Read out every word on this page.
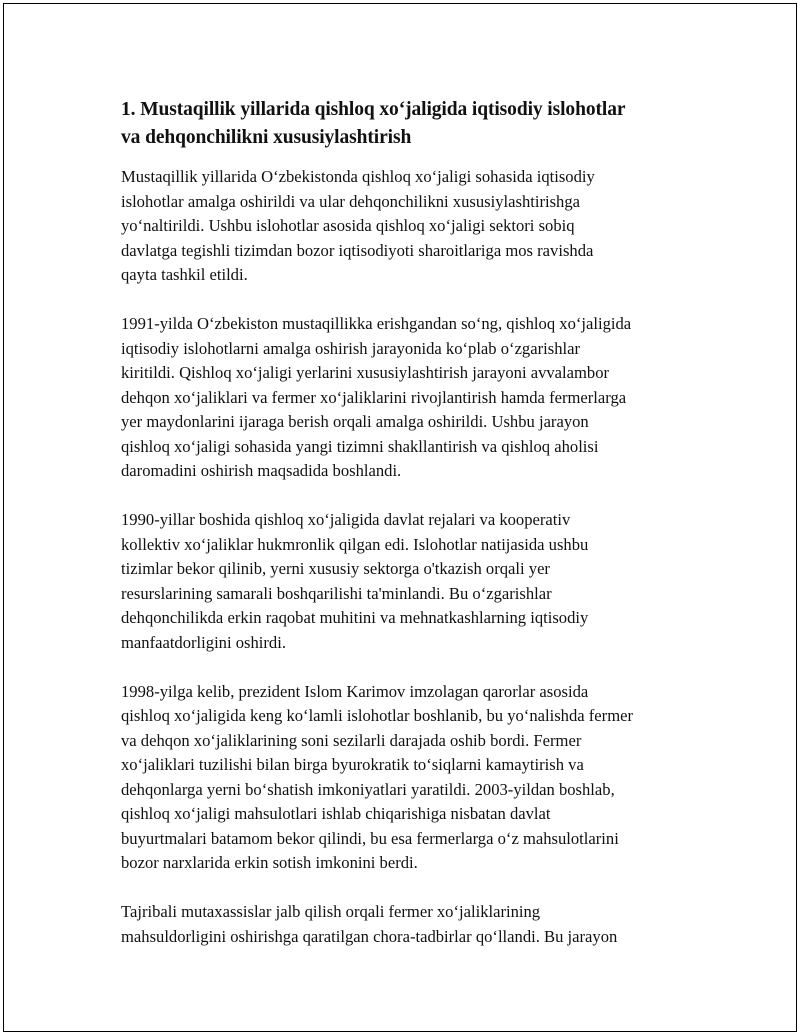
1. Mustaqillik yillarida qishloq xo‘jaligida iqtisodiy islohotlar
va dehqonchilikni xususiylashtirish

Mustaqillik yillarida O‘zbekistonda qishloq xo‘jaligi sohasida iqtisodiy
islohotlar amalga oshirildi va ular dehqonchilikni xususiylashtirishga
yo‘naltirildi. Ushbu islohotlar asosida qishloq xo‘jaligi sektori sobiq
davlatga tegishli tizimdan bozor iqtisodiyoti sharoitlariga mos ravishda
qayta tashkil etildi.

1991-yilda O‘zbekiston mustaqillikka erishgandan so‘ng, qishloq xo‘jaligida
iqtisodiy islohotlarni amalga oshirish jarayonida ko‘plab o‘zgarishlar
kiritildi. Qishloq xo‘jaligi yerlarini xususiylashtirish jarayoni avvalambor
dehqon xo‘jaliklari va fermer xo‘jaliklarini rivojlantirish hamda fermerlarga
yer maydonlarini ijaraga berish orqali amalga oshirildi. Ushbu jarayon
qishloq xo‘jaligi sohasida yangi tizimni shakllantirish va qishloq aholisi
daromadini oshirish maqsadida boshlandi.

1990-yillar boshida qishloq xo‘jaligida davlat rejalari va kooperativ
kollektiv xo‘jaliklar hukmronlik qilgan edi. Islohotlar natijasida ushbu
tizimlar bekor qilinib, yerni xususiy sektorga o'tkazish orqali yer
resurslarining samarali boshqarilishi ta'minlandi. Bu o‘zgarishlar
dehqonchilikda erkin raqobat muhitini va mehnatkashlarning iqtisodiy
manfaatdorligini oshirdi.

1998-yilga kelib, prezident Islom Karimov imzolagan qarorlar asosida
qishloq xo‘jaligida keng ko‘lamli islohotlar boshlanib, bu yo‘nalishda fermer
va dehqon xo‘jaliklarining soni sezilarli darajada oshib bordi. Fermer
xo‘jaliklari tuzilishi bilan birga byurokratik to‘siqlarni kamaytirish va
dehqonlarga yerni bo‘shatish imkoniyatlari yaratildi. 2003-yildan boshlab,
qishloq xo‘jaligi mahsulotlari ishlab chiqarishiga nisbatan davlat
buyurtmalari batamom bekor qilindi, bu esa fermerlarga o‘z mahsulotlarini
bozor narxlarida erkin sotish imkonini berdi.

Tajribali mutaxassislar jalb qilish orqali fermer xo‘jaliklarining
mahsuldorligini oshirishga qaratilgan chora-tadbirlar qo‘llandi. Bu jarayon
